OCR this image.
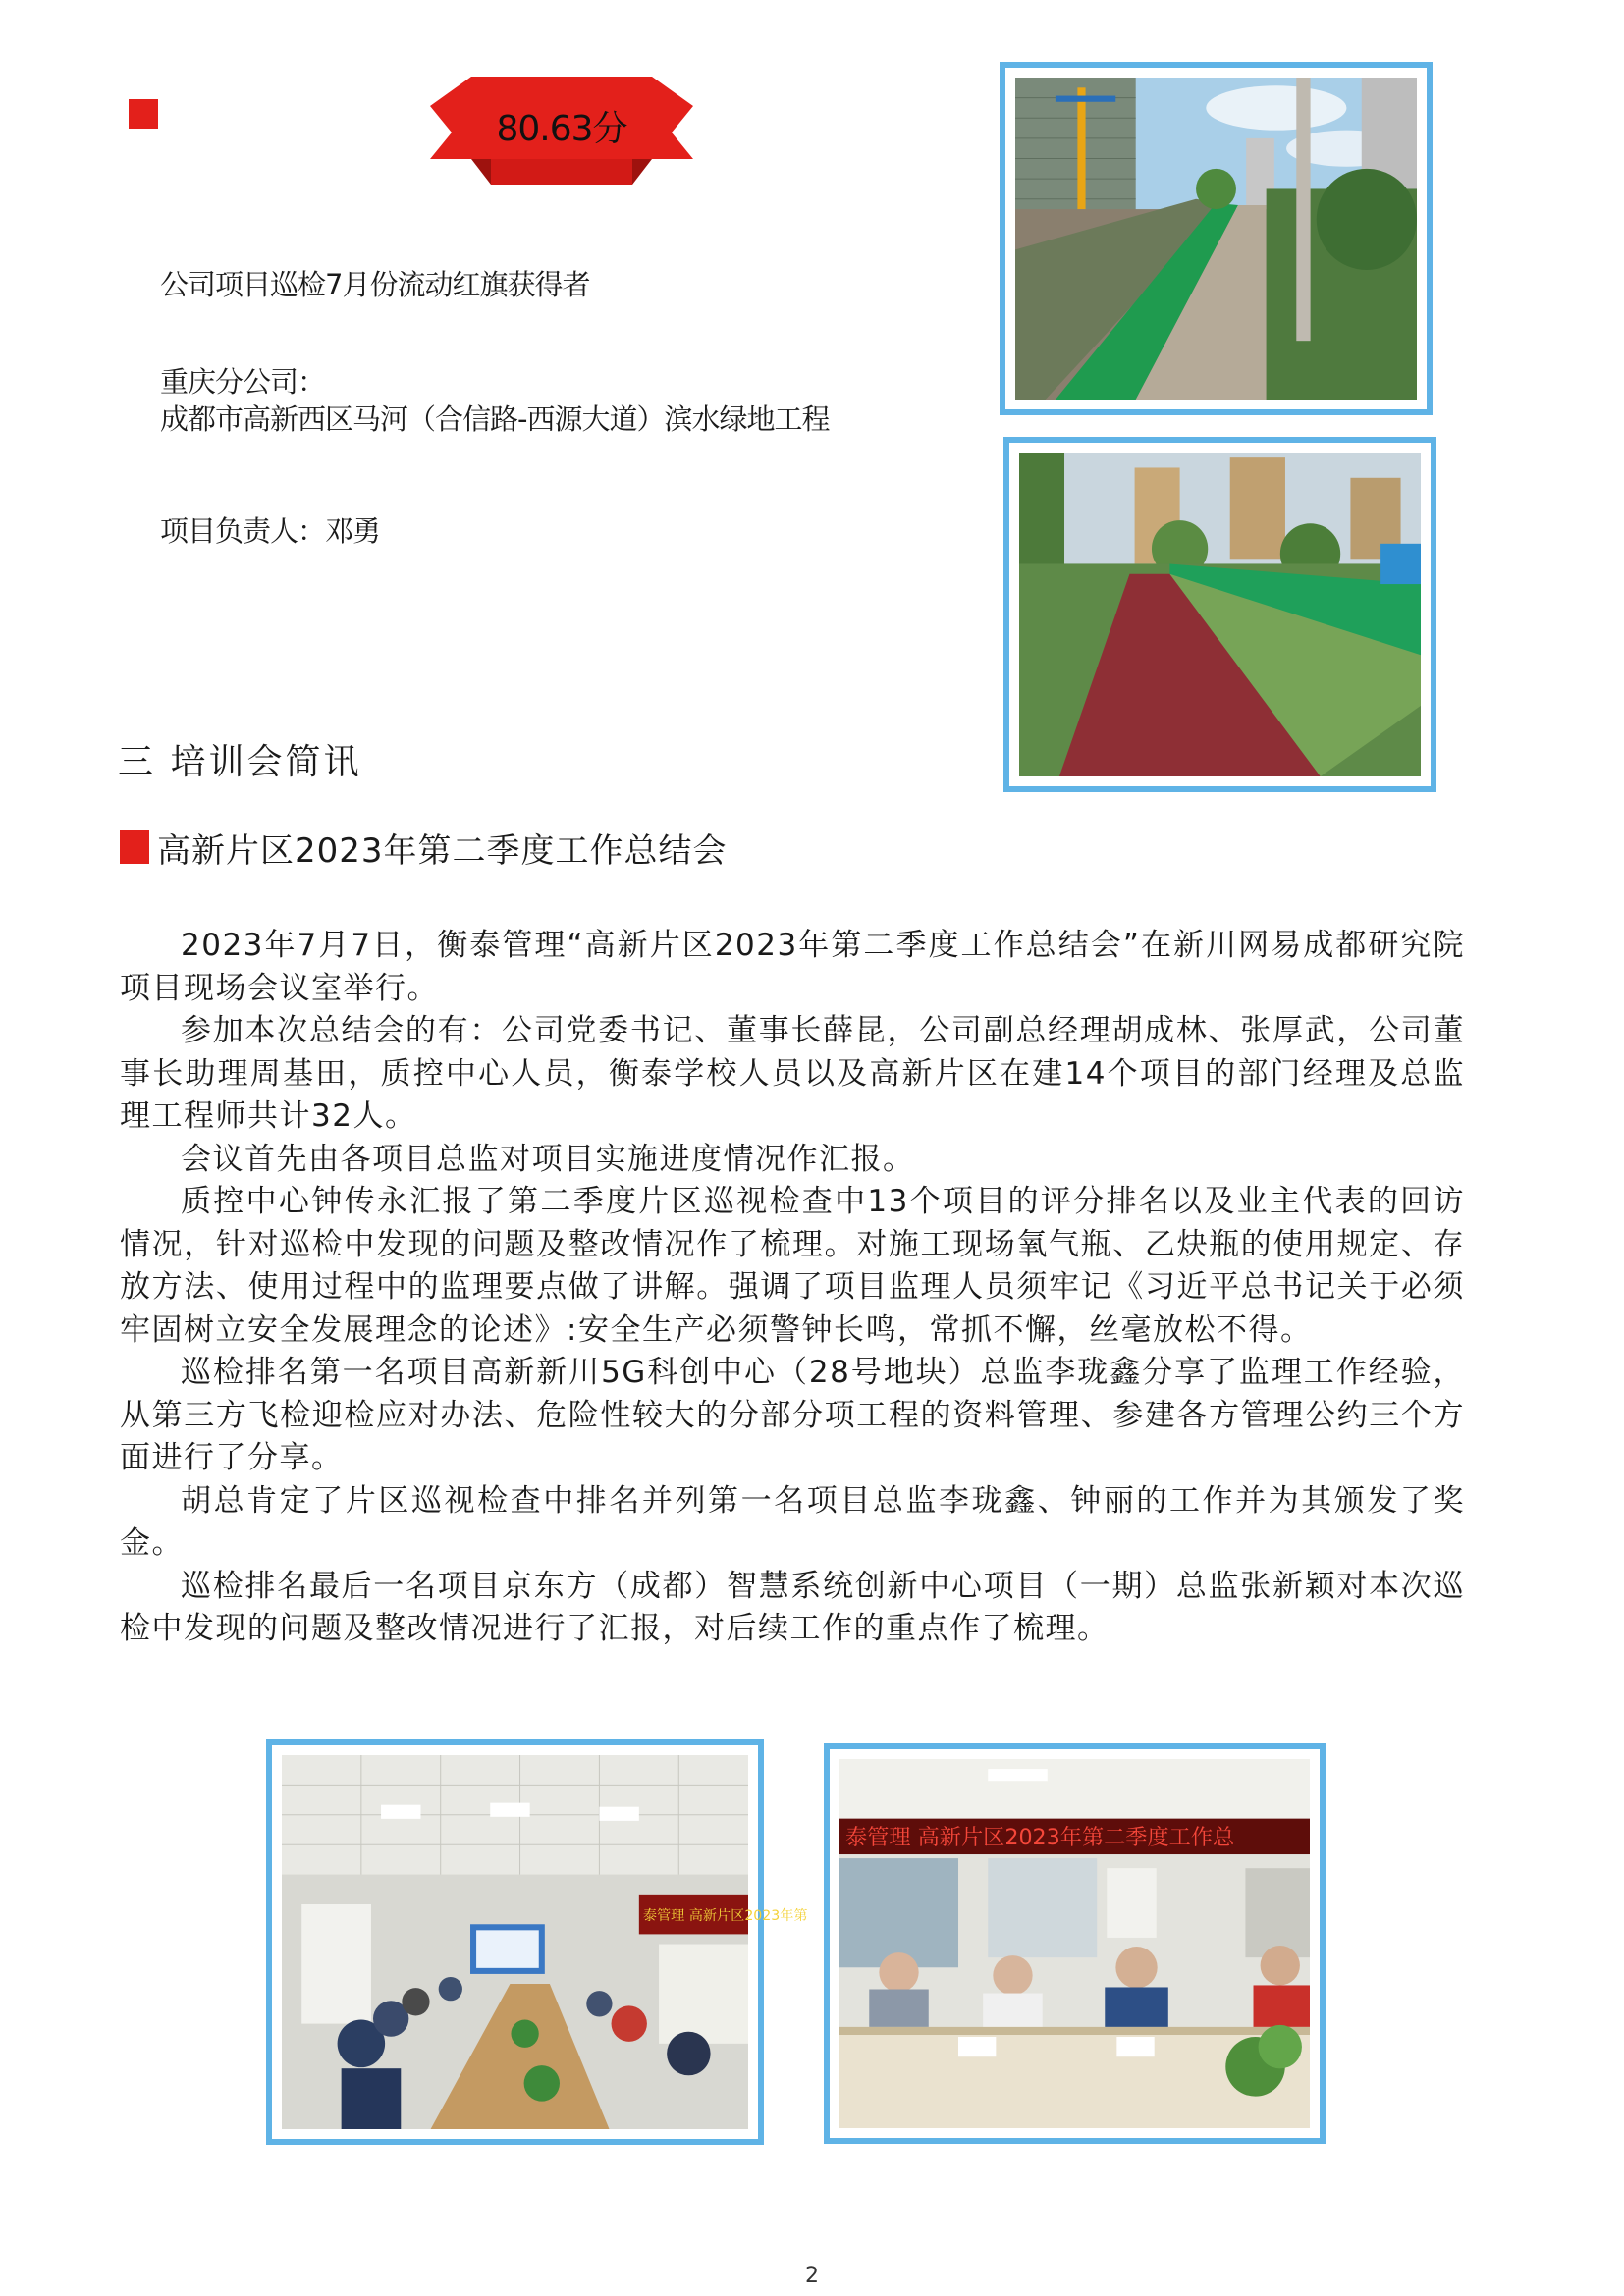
80.63分
公司项目巡检7月份流动红旗获得者
重庆分公司：
成都市高新西区马河（合信路-西源大道）滨水绿地工程
项目负责人：邓勇
三 培训会简讯
高新片区2023年第二季度工作总结会

2023年7月7日，衡泰管理“高新片区2023年第二季度工作总结会”在新川网易成都研究院项目现场会议室举行。

参加本次总结会的有：公司党委书记、董事长薛昆，公司副总经理胡成林、张厚武，公司董事长助理周基田，质控中心人员，衡泰学校人员以及高新片区在建14个项目的部门经理及总监理工程师共计32人。

会议首先由各项目总监对项目实施进度情况作汇报。

质控中心钟传永汇报了第二季度片区巡视检查中13个项目的评分排名以及业主代表的回访情况，针对巡检中发现的问题及整改情况作了梳理。对施工现场氧气瓶、乙炔瓶的使用规定、存放方法、使用过程中的监理要点做了讲解。强调了项目监理人员须牢记《习近平总书记关于必须牢固树立安全发展理念的论述》:安全生产必须警钟长鸣，常抓不懈，丝毫放松不得。

巡检排名第一名项目高新新川5G科创中心（28号地块）总监李珑鑫分享了监理工作经验，从第三方飞检迎检应对办法、危险性较大的分部分项工程的资料管理、参建各方管理公约三个方面进行了分享。

胡总肯定了片区巡视检查中排名并列第一名项目总监李珑鑫、钟丽的工作并为其颁发了奖金。

巡检排名最后一名项目京东方（成都）智慧系统创新中心项目（一期）总监张新颖对本次巡检中发现的问题及整改情况进行了汇报，对后续工作的重点作了梳理。

泰管理 高新片区2023年第
泰管理 高新片区2023年第二季度工作总
2
